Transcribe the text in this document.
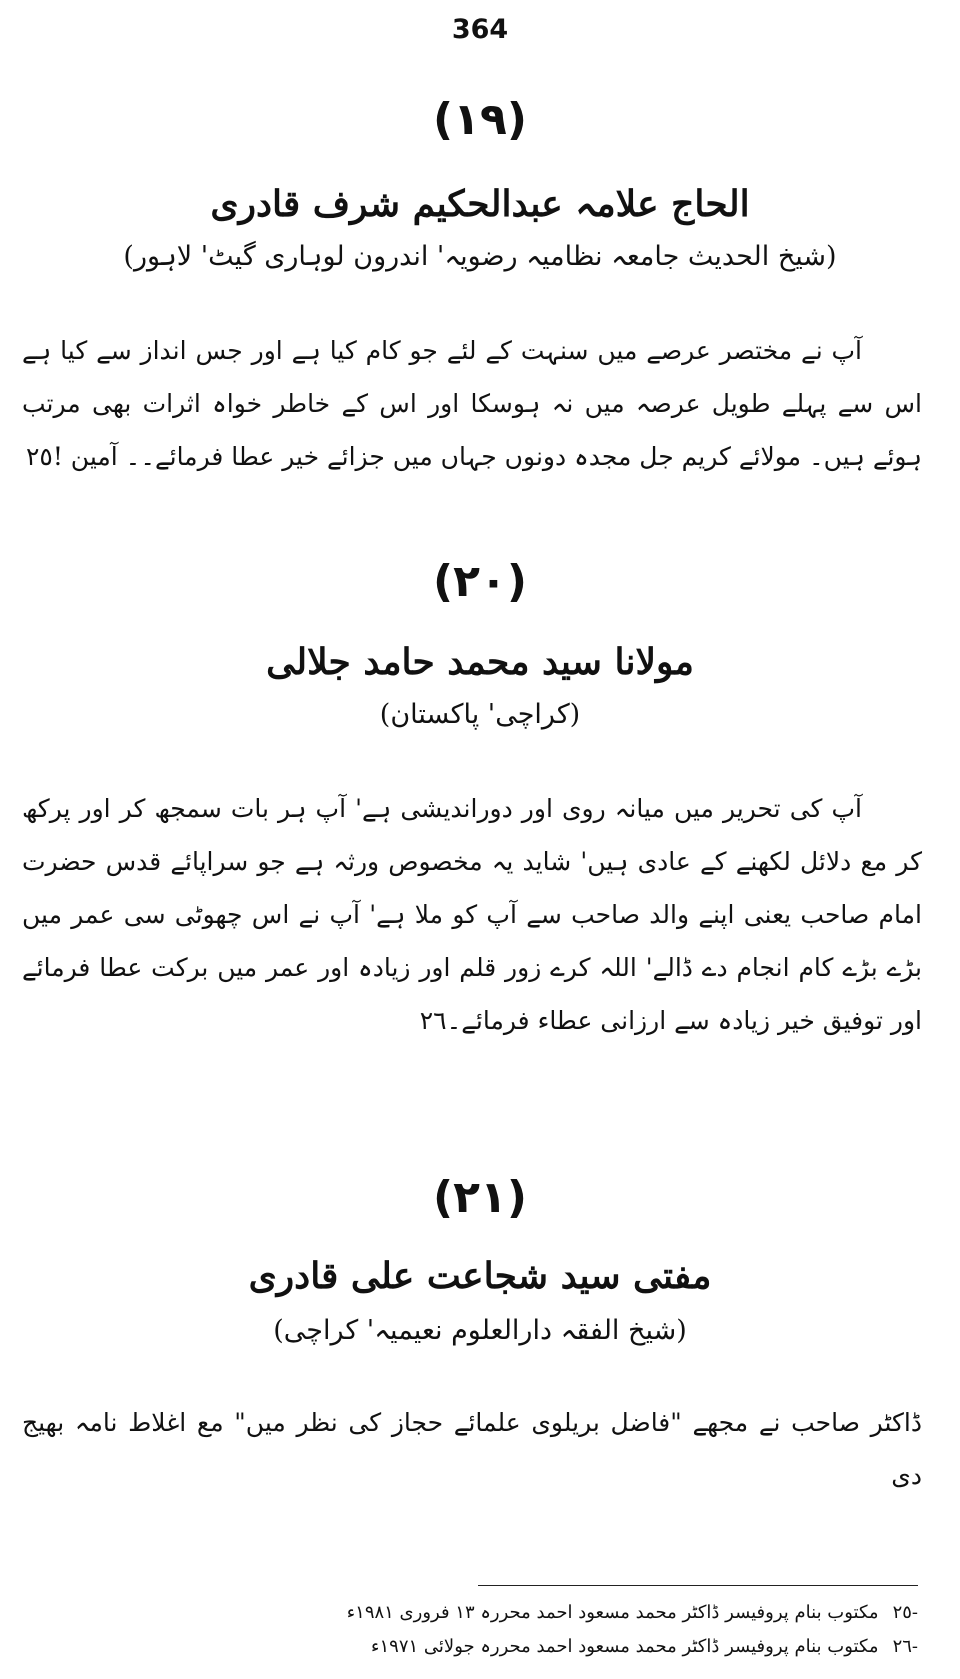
364
(١٩)
الحاج علامہ عبدالحکیم شرف قادری
(شیخ الحدیث جامعہ نظامیہ رضویہ' اندرون لوہاری گیٹ' لاہور)

آپ نے مختصر عرصے میں سنہت کے لئے جو کام کیا ہے اور جس انداز سے کیا ہے اس سے پہلے طویل عرصہ میں نہ ہوسکا اور اس کے خاطر خواہ اثرات بھی مرتب ہوئے ہیں۔ مولائے کریم جل مجدہ دونوں جہاں میں جزائے خیر عطا فرمائے۔۔ آمین !٢٥

(٢٠)
مولانا سید محمد حامد جلالی
(کراچی' پاکستان)

آپ کی تحریر میں میانہ روی اور دوراندیشی ہے' آپ ہر بات سمجھ کر اور پرکھ کر مع دلائل لکھنے کے عادی ہیں' شاید یہ مخصوص ورثہ ہے جو سراپائے قدس حضرت امام صاحب یعنی اپنے والد صاحب سے آپ کو ملا ہے' آپ نے اس چھوٹی سی عمر میں بڑے بڑے کام انجام دے ڈالے' اللہ کرے زور قلم اور زیادہ اور عمر میں برکت عطا فرمائے اور توفیق خیر زیادہ سے ارزانی عطاء فرمائے۔٢٦

(٢١)
مفتی سید شجاعت علی قادری
(شیخ الفقہ دارالعلوم نعیمیہ' کراچی)

ڈاکٹر صاحب نے مجھے "فاضل بریلوی علمائے حجاز کی نظر میں" مع اغلاط نامہ بھیج دی

-٢٥
مکتوب بنام پروفیسر ڈاکٹر محمد مسعود احمد محررہ ١٣ فروری ١٩٨١ء
-٢٦
مکتوب بنام پروفیسر ڈاکٹر محمد مسعود احمد محررہ جولائی ١٩٧١ء
